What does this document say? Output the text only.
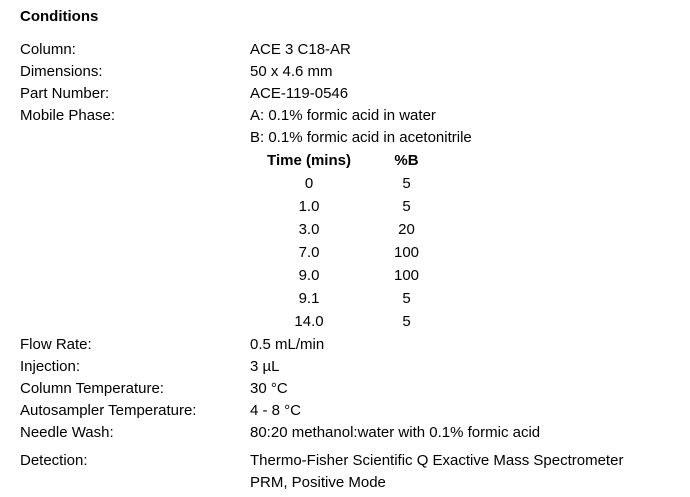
Conditions
Column:	ACE 3 C18-AR
Dimensions:	50 x 4.6 mm
Part Number:	ACE-119-0546
Mobile Phase:	A: 0.1% formic acid in water
B: 0.1% formic acid in acetonitrile
Time (mins)	%B
0	5
1.0	5
3.0	20
7.0	100
9.0	100
9.1	5
14.0	5
Flow Rate:	0.5 mL/min
Injection:	3 µL
Column Temperature:	30 °C
Autosampler Temperature:	4 - 8 °C
Needle Wash:	80:20 methanol:water with 0.1% formic acid
Detection:	Thermo-Fisher Scientific Q Exactive Mass Spectrometer
PRM, Positive Mode
